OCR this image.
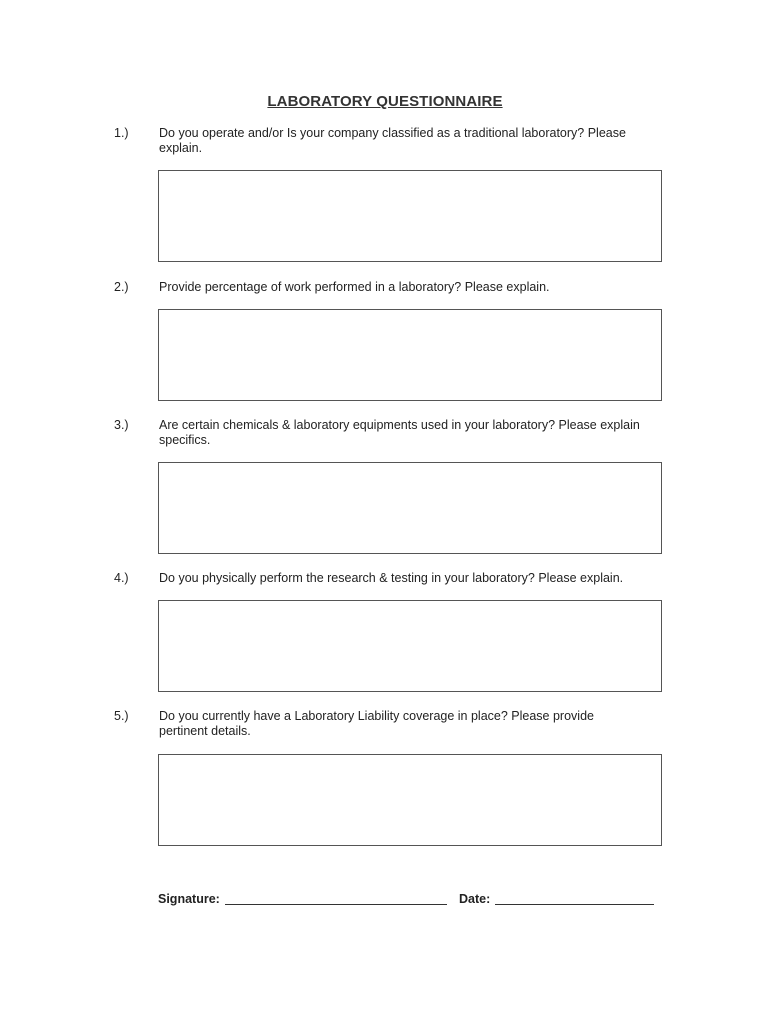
LABORATORY QUESTIONNAIRE
1.) Do you operate and/or Is your company classified as a traditional laboratory? Please explain.
2.) Provide percentage of work performed in a laboratory? Please explain.
3.) Are certain chemicals & laboratory equipments used in your laboratory? Please explain specifics.
4.) Do you physically perform the research & testing in your laboratory? Please explain.
5.) Do you currently have a Laboratory Liability coverage in place? Please provide pertinent details.
Signature:	Date:
